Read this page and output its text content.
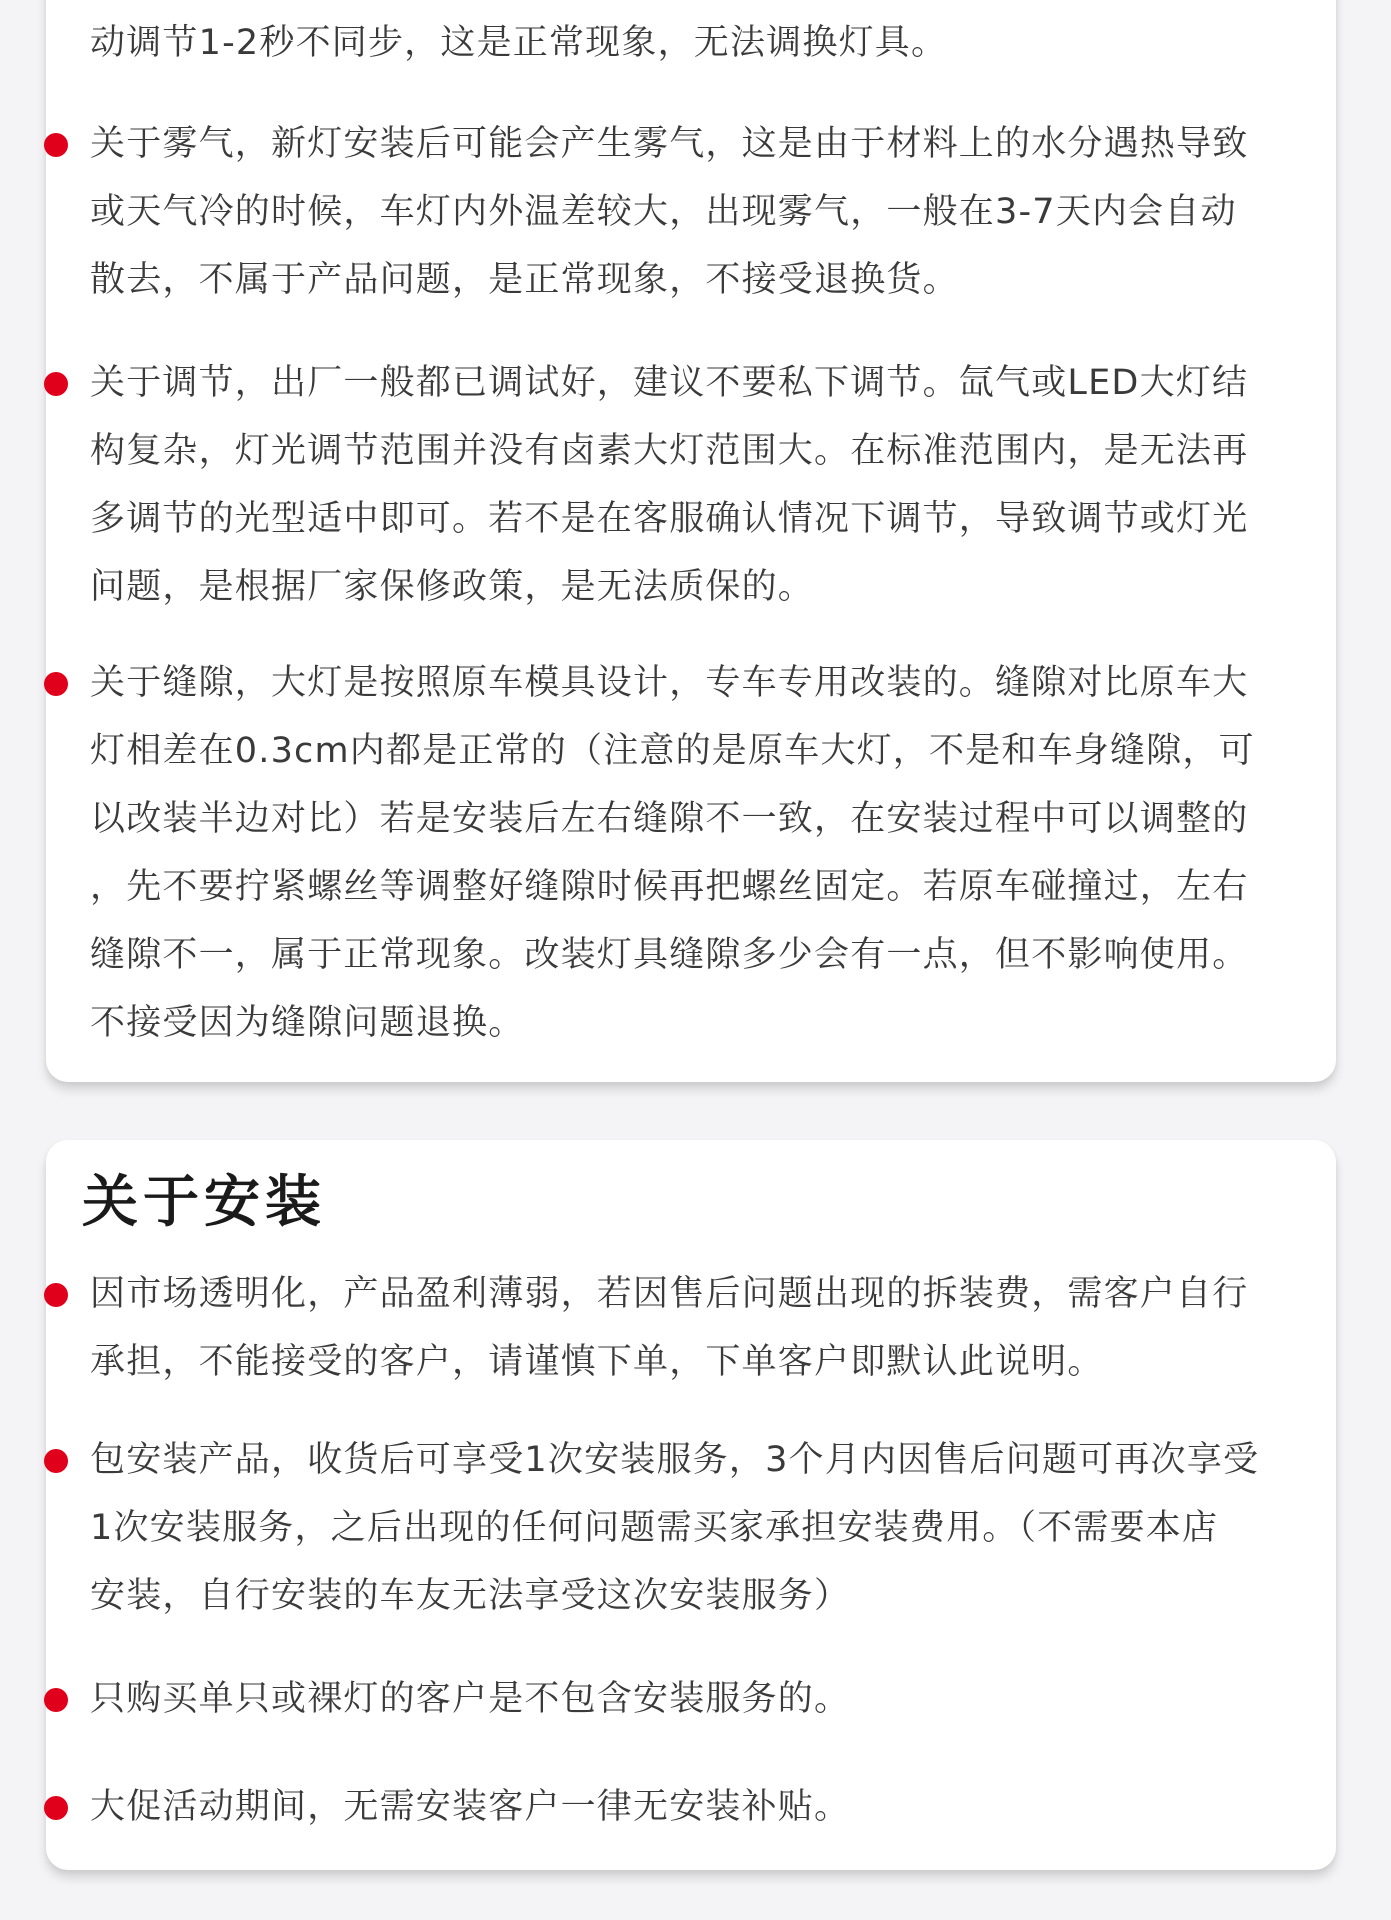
动调节1-2秒不同步，这是正常现象，无法调换灯具。
关于雾气，新灯安装后可能会产生雾气，这是由于材料上的水分遇热导致
或天气冷的时候，车灯内外温差较大，出现雾气，一般在3-7天内会自动
散去，不属于产品问题，是正常现象，不接受退换货。
关于调节，出厂一般都已调试好，建议不要私下调节。氙气或LED大灯结
构复杂，灯光调节范围并没有卤素大灯范围大。在标准范围内，是无法再
多调节的光型适中即可。若不是在客服确认情况下调节，导致调节或灯光
问题，是根据厂家保修政策，是无法质保的。
关于缝隙，大灯是按照原车模具设计，专车专用改装的。缝隙对比原车大
灯相差在0.3cm内都是正常的（注意的是原车大灯，不是和车身缝隙，可
以改装半边对比）若是安装后左右缝隙不一致，在安装过程中可以调整的
，先不要拧紧螺丝等调整好缝隙时候再把螺丝固定。若原车碰撞过，左右
缝隙不一，属于正常现象。改装灯具缝隙多少会有一点，但不影响使用。
不接受因为缝隙问题退换。
关于安装
因市场透明化，产品盈利薄弱，若因售后问题出现的拆装费，需客户自行
承担，不能接受的客户，请谨慎下单，下单客户即默认此说明。
包安装产品，收货后可享受1次安装服务，3个月内因售后问题可再次享受
1次安装服务，之后出现的任何问题需买家承担安装费用。（不需要本店
安装，自行安装的车友无法享受这次安装服务）
只购买单只或裸灯的客户是不包含安装服务的。
大促活动期间，无需安装客户一律无安装补贴。
